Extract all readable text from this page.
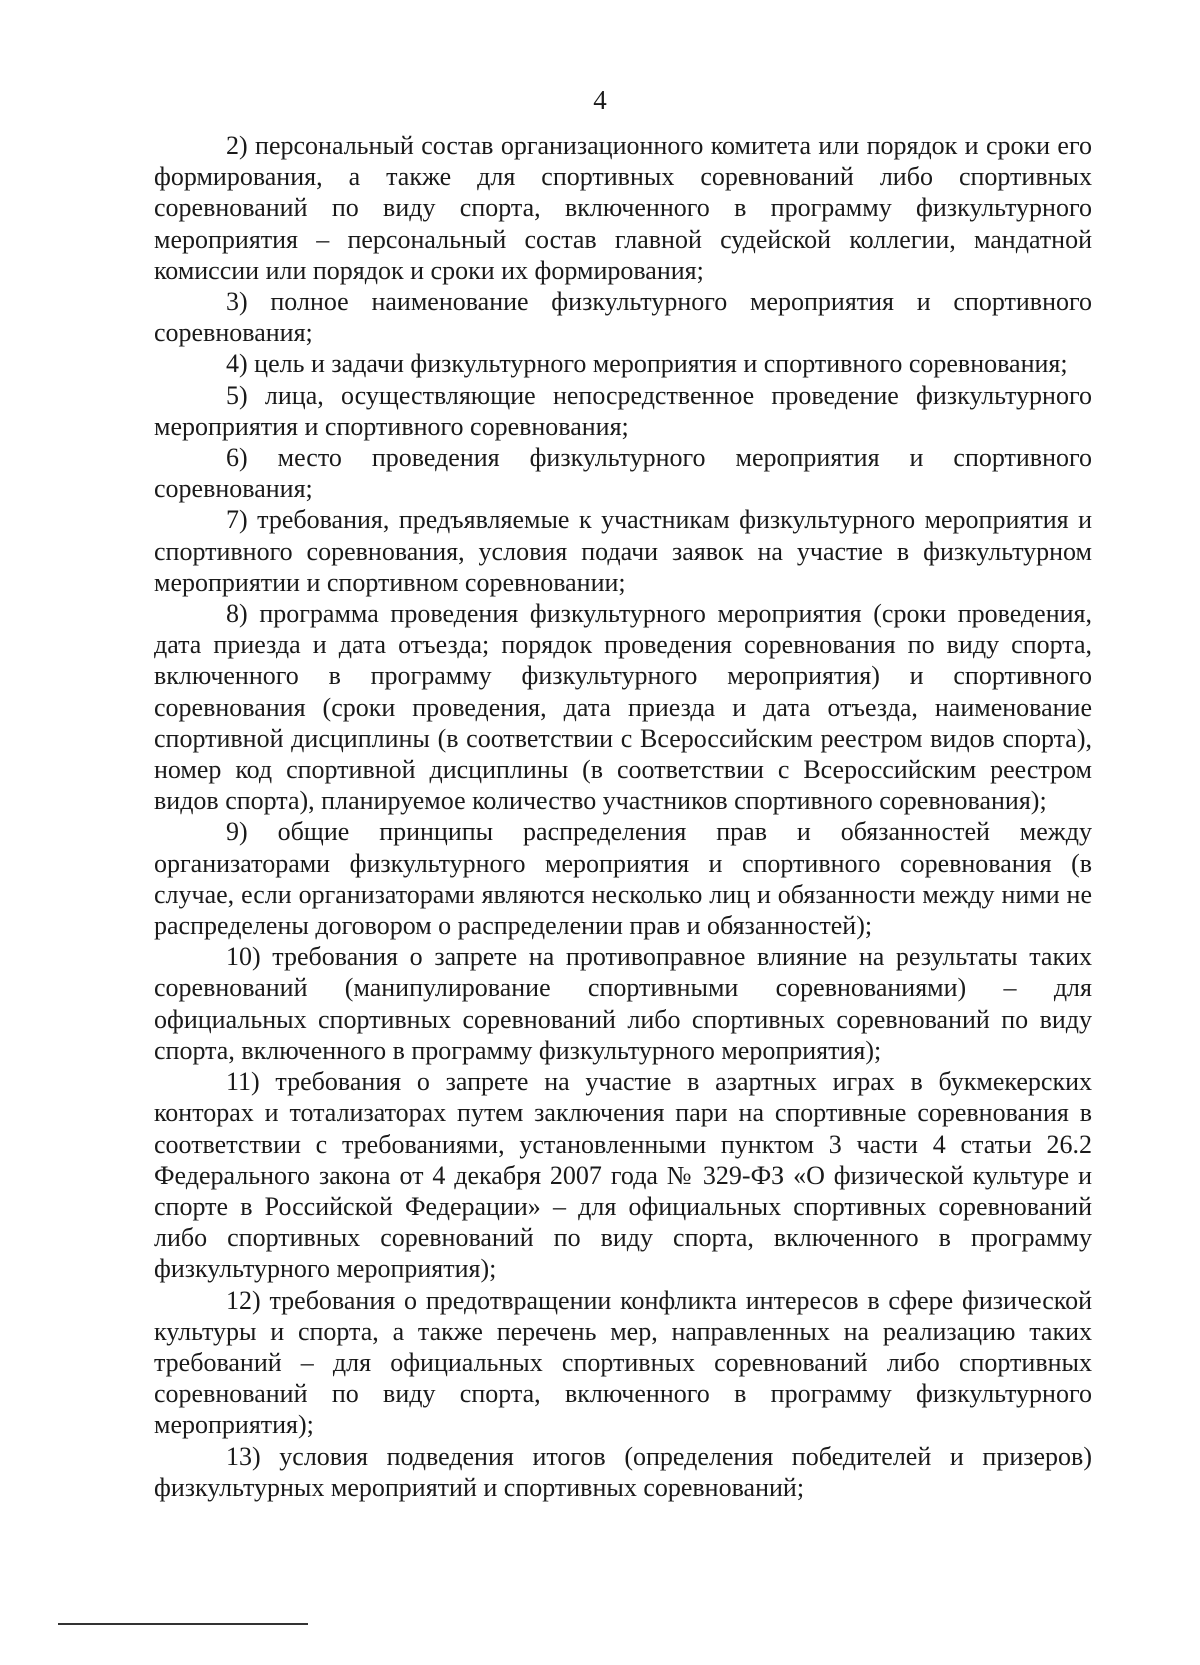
4

2) персональный состав организационного комитета или порядок и сроки его формирования, а также для спортивных соревнований либо спортивных соревнований по виду спорта, включенного в программу физкультурного мероприятия – персональный состав главной судейской коллегии, мандатной комиссии или порядок и сроки их формирования;

3) полное наименование физкультурного мероприятия и спортивного соревнования;

4) цель и задачи физкультурного мероприятия и спортивного соревнования;

5) лица, осуществляющие непосредственное проведение физкультурного мероприятия и спортивного соревнования;

6) место проведения физкультурного мероприятия и спортивного соревнования;

7) требования, предъявляемые к участникам физкультурного мероприятия и спортивного соревнования, условия подачи заявок на участие в физкультурном мероприятии и спортивном соревновании;

8) программа проведения физкультурного мероприятия (сроки проведения, дата приезда и дата отъезда; порядок проведения соревнования по виду спорта, включенного в программу физкультурного мероприятия) и спортивного соревнования (сроки проведения, дата приезда и дата отъезда, наименование спортивной дисциплины (в соответствии с Всероссийским реестром видов спорта), номер код спортивной дисциплины (в соответствии с Всероссийским реестром видов спорта), планируемое количество участников спортивного соревнования);

9) общие принципы распределения прав и обязанностей между организаторами физкультурного мероприятия и спортивного соревнования (в случае, если организаторами являются несколько лиц и обязанности между ними не распределены договором о распределении прав и обязанностей);

10) требования о запрете на противоправное влияние на результаты таких соревнований (манипулирование спортивными соревнованиями) – для официальных спортивных соревнований либо спортивных соревнований по виду спорта, включенного в программу физкультурного мероприятия);

11) требования о запрете на участие в азартных играх в букмекерских конторах и тотализаторах путем заключения пари на спортивные соревнования в соответствии с требованиями, установленными пунктом 3 части 4 статьи 26.2 Федерального закона от 4 декабря 2007 года № 329-ФЗ «О физической культуре и спорте в Российской Федерации» – для официальных спортивных соревнований либо спортивных соревнований по виду спорта, включенного в программу физкультурного мероприятия);

12) требования о предотвращении конфликта интересов в сфере физической культуры и спорта, а также перечень мер, направленных на реализацию таких требований – для официальных спортивных соревнований либо спортивных соревнований по виду спорта, включенного в программу физкультурного мероприятия);

13) условия подведения итогов (определения победителей и призеров) физкультурных мероприятий и спортивных соревнований;
